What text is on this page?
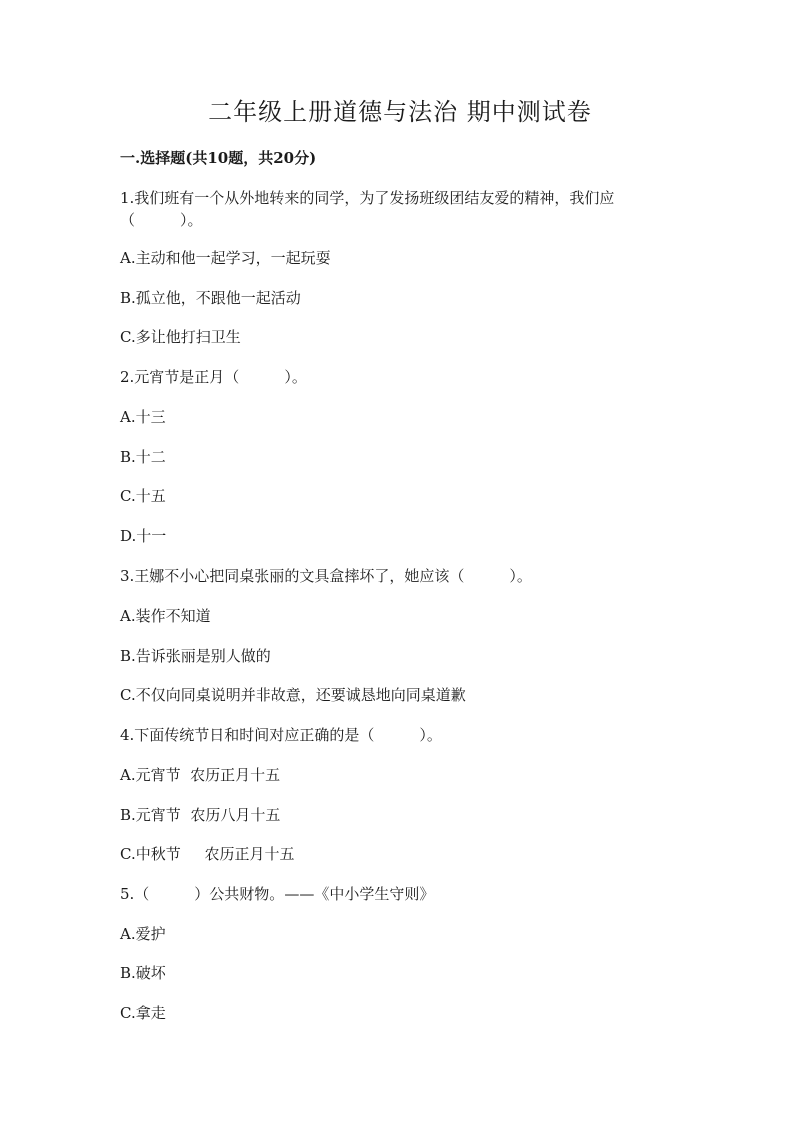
二年级上册道德与法治 期中测试卷
一.选择题(共10题，共20分)
1.我们班有一个从外地转来的同学，为了发扬班级团结友爱的精神，我们应
（　　　）。
A.主动和他一起学习，一起玩耍
B.孤立他，不跟他一起活动
C.多让他打扫卫生
2.元宵节是正月（　　　）。
A.十三
B.十二
C.十五
D.十一
3.王娜不小心把同桌张丽的文具盒摔坏了，她应该（　　　）。
A.装作不知道
B.告诉张丽是别人做的
C.不仅向同桌说明并非故意，还要诚恳地向同桌道歉
4.下面传统节日和时间对应正确的是（　　　）。
A.元宵节  农历正月十五
B.元宵节  农历八月十五
C.中秋节     农历正月十五
5.（　　　）公共财物。——《中小学生守则》
A.爱护
B.破坏
C.拿走
